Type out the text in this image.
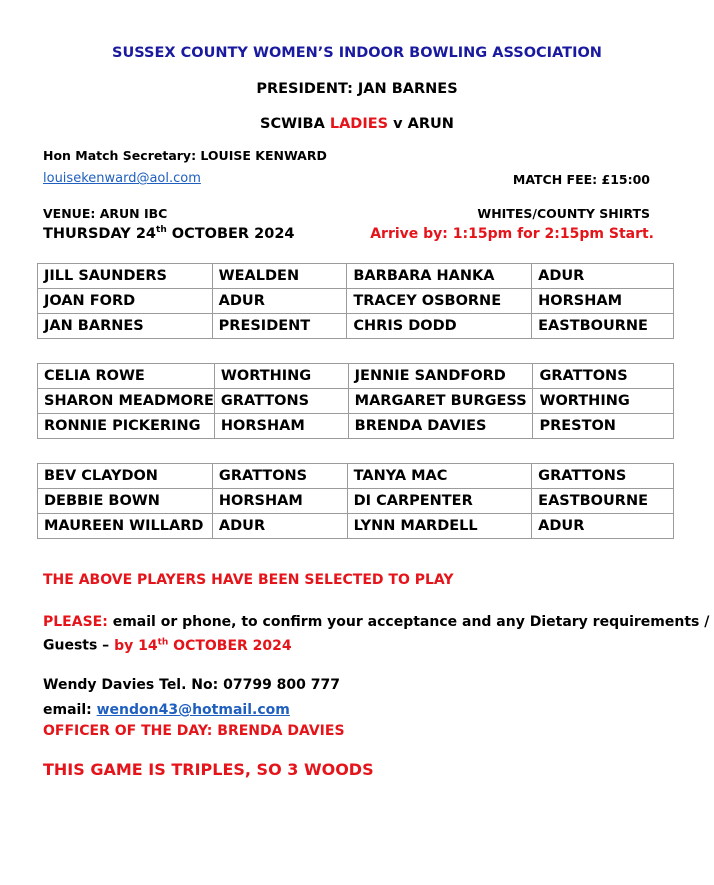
SUSSEX COUNTY WOMEN’S INDOOR BOWLING ASSOCIATION
PRESIDENT: JAN BARNES
SCWIBA LADIES v ARUN
Hon Match Secretary: LOUISE KENWARD
louisekenward@aol.com	MATCH FEE: £15:00
VENUE: ARUN IBC	WHITES/COUNTY SHIRTS
THURSDAY 24th OCTOBER 2024	Arrive by: 1:15pm for 2:15pm Start.
JILL SAUNDERS	WEALDEN	BARBARA HANKA	ADUR
JOAN FORD	ADUR	TRACEY OSBORNE	HORSHAM
JAN BARNES	PRESIDENT	CHRIS DODD	EASTBOURNE
CELIA ROWE	WORTHING	JENNIE SANDFORD	GRATTONS
SHARON MEADMORE	GRATTONS	MARGARET BURGESS	WORTHING
RONNIE PICKERING	HORSHAM	BRENDA DAVIES	PRESTON
BEV CLAYDON	GRATTONS	TANYA MAC	GRATTONS
DEBBIE BOWN	HORSHAM	DI CARPENTER	EASTBOURNE
MAUREEN WILLARD	ADUR	LYNN MARDELL	ADUR
THE ABOVE PLAYERS HAVE BEEN SELECTED TO PLAY
PLEASE: email or phone, to confirm your acceptance and any Dietary requirements /
Guests – by 14th OCTOBER 2024
Wendy Davies Tel. No: 07799 800 777
email: wendon43@hotmail.com
OFFICER OF THE DAY: BRENDA DAVIES
THIS GAME IS TRIPLES, SO 3 WOODS
